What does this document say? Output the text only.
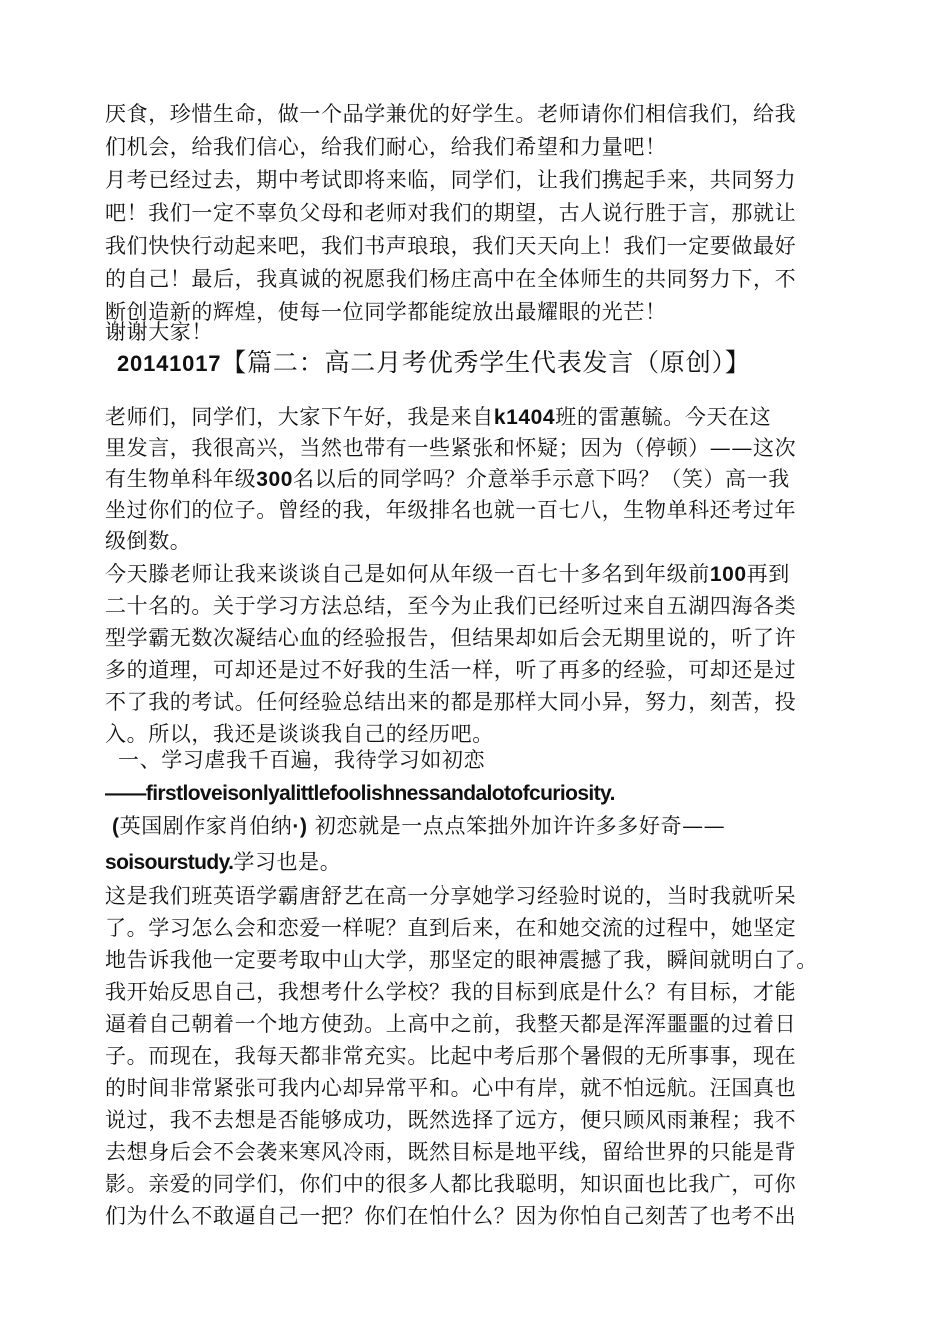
厌食，珍惜生命，做一个品学兼优的好学生。老师请你们相信我们，给我
们机会，给我们信心，给我们耐心，给我们希望和力量吧！
月考已经过去，期中考试即将来临，同学们，让我们携起手来，共同努力
吧！我们一定不辜负父母和老师对我们的期望，古人说行胜于言，那就让
我们快快行动起来吧，我们书声琅琅，我们天天向上！我们一定要做最好
的自己！最后，我真诚的祝愿我们杨庄高中在全体师生的共同努力下，不
断创造新的辉煌，使每一位同学都能绽放出最耀眼的光芒！
谢谢大家！
20141017【篇二：高二月考优秀学生代表发言（原创）】
老师们，同学们，大家下午好，我是来自k1404班的雷蕙毓。今天在这
里发言，我很高兴，当然也带有一些紧张和怀疑；因为（停顿）——这次
有生物单科年级300名以后的同学吗？介意举手示意下吗？（笑）高一我
坐过你们的位子。曾经的我，年级排名也就一百七八，生物单科还考过年
级倒数。
今天滕老师让我来谈谈自己是如何从年级一百七十多名到年级前100再到
二十名的。关于学习方法总结，至今为止我们已经听过来自五湖四海各类
型学霸无数次凝结心血的经验报告，但结果却如后会无期里说的，听了许
多的道理，可却还是过不好我的生活一样，听了再多的经验，可却还是过
不了我的考试。任何经验总结出来的都是那样大同小异，努力，刻苦，投
入。所以，我还是谈谈我自己的经历吧。
一、学习虐我千百遍，我待学习如初恋
——firstloveisonlyalittlefoolishnessandalotofcuriosity.
(英国剧作家肖伯纳·) 初恋就是一点点笨拙外加许许多多好奇——
soisourstudy.学习也是。
这是我们班英语学霸唐舒艺在高一分享她学习经验时说的，当时我就听呆
了。学习怎么会和恋爱一样呢？直到后来，在和她交流的过程中，她坚定
地告诉我他一定要考取中山大学，那坚定的眼神震撼了我，瞬间就明白了。
我开始反思自己，我想考什么学校？我的目标到底是什么？有目标，才能
逼着自己朝着一个地方使劲。上高中之前，我整天都是浑浑噩噩的过着日
子。而现在，我每天都非常充实。比起中考后那个暑假的无所事事，现在
的时间非常紧张可我内心却异常平和。心中有岸，就不怕远航。汪国真也
说过，我不去想是否能够成功，既然选择了远方，便只顾风雨兼程；我不
去想身后会不会袭来寒风冷雨，既然目标是地平线，留给世界的只能是背
影。亲爱的同学们，你们中的很多人都比我聪明，知识面也比我广，可你
们为什么不敢逼自己一把？你们在怕什么？因为你怕自己刻苦了也考不出
